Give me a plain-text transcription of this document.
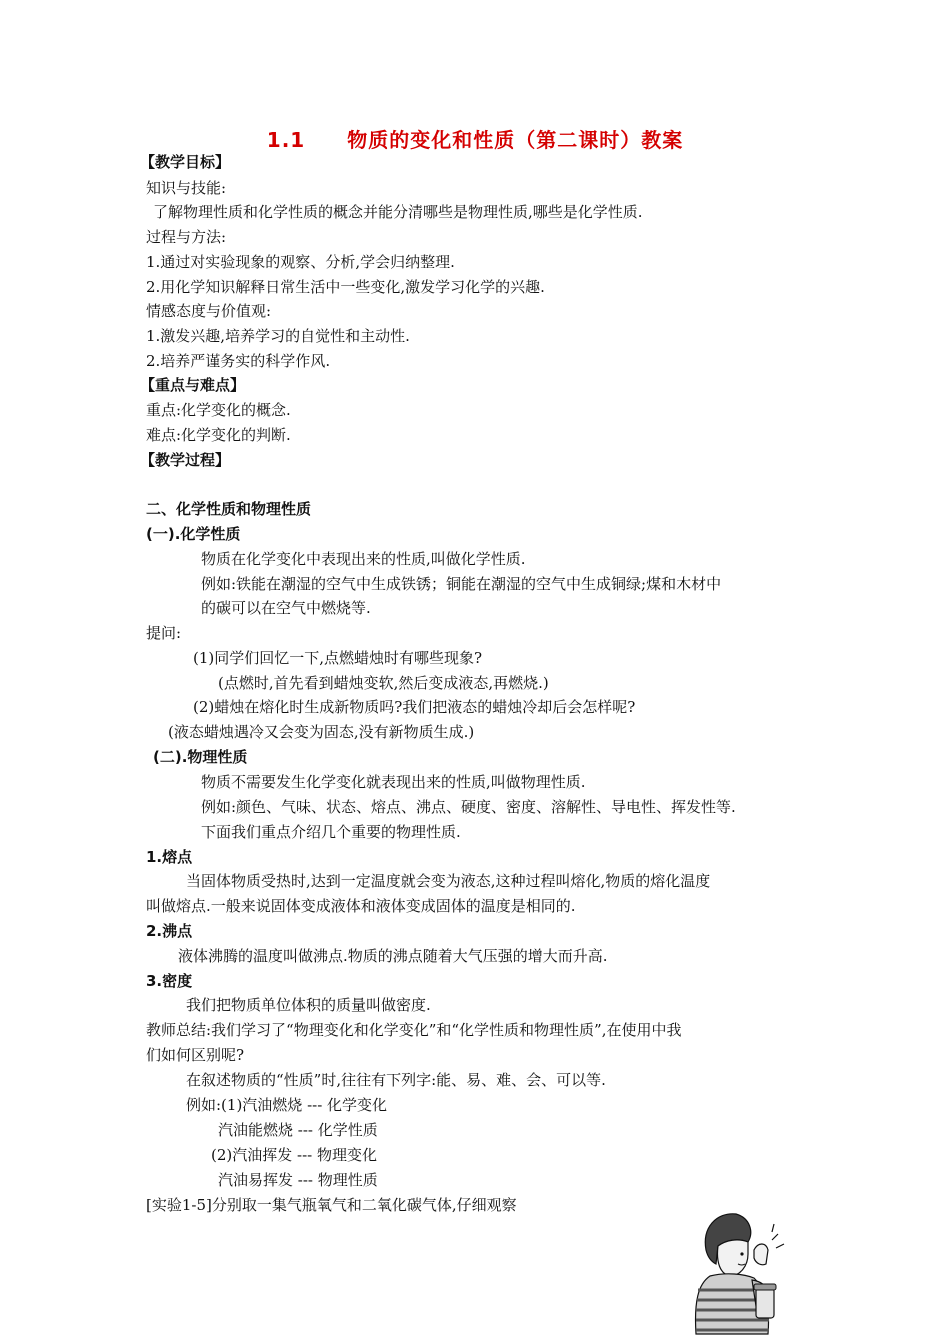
1.1　　物质的变化和性质（第二课时）教案
【教学目标】
知识与技能:
了解物理性质和化学性质的概念并能分清哪些是物理性质,哪些是化学性质.
过程与方法:
1.通过对实验现象的观察、分析,学会归纳整理.
2.用化学知识解释日常生活中一些变化,激发学习化学的兴趣.
情感态度与价值观:
1.激发兴趣,培养学习的自觉性和主动性.
2.培养严谨务实的科学作风.
【重点与难点】
重点:化学变化的概念.
难点:化学变化的判断.
【教学过程】
二、化学性质和物理性质
(一).化学性质
物质在化学变化中表现出来的性质,叫做化学性质.
例如:铁能在潮湿的空气中生成铁锈；铜能在潮湿的空气中生成铜绿;煤和木材中
的碳可以在空气中燃烧等.
提问:
(1)同学们回忆一下,点燃蜡烛时有哪些现象?
(点燃时,首先看到蜡烛变软,然后变成液态,再燃烧.)
(2)蜡烛在熔化时生成新物质吗?我们把液态的蜡烛冷却后会怎样呢?
(液态蜡烛遇冷又会变为固态,没有新物质生成.)
(二).物理性质
物质不需要发生化学变化就表现出来的性质,叫做物理性质.
例如:颜色、气味、状态、熔点、沸点、硬度、密度、溶解性、导电性、挥发性等.
下面我们重点介绍几个重要的物理性质.
1.熔点
当固体物质受热时,达到一定温度就会变为液态,这种过程叫熔化,物质的熔化温度
叫做熔点.一般来说固体变成液体和液体变成固体的温度是相同的.
2.沸点
液体沸腾的温度叫做沸点.物质的沸点随着大气压强的增大而升高.
3.密度
我们把物质单位体积的质量叫做密度.
教师总结:我们学习了“物理变化和化学变化”和“化学性质和物理性质”,在使用中我
们如何区别呢?
在叙述物质的“性质”时,往往有下列字:能、易、难、会、可以等.
例如:(1)汽油燃烧 --- 化学变化
汽油能燃烧 --- 化学性质
(2)汽油挥发 --- 物理变化
汽油易挥发 --- 物理性质
[实验1-5]分别取一集气瓶氧气和二氧化碳气体,仔细观察
